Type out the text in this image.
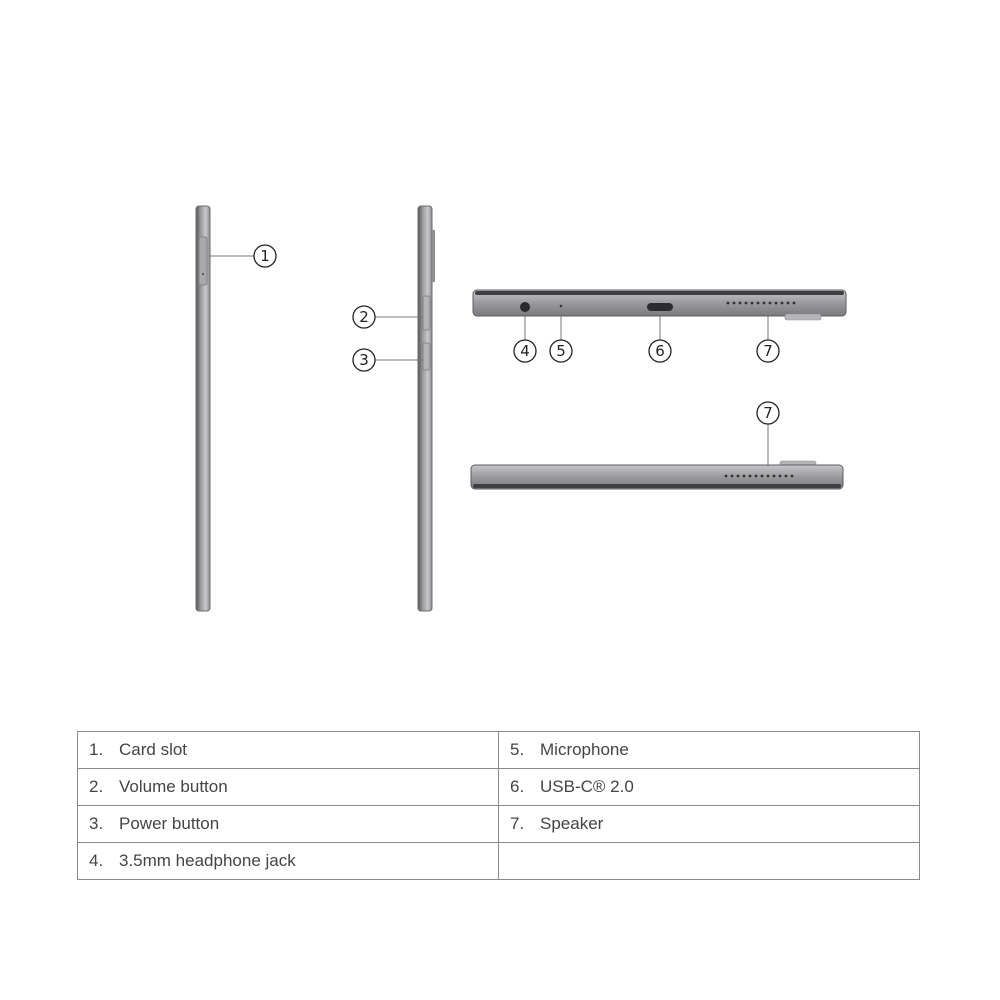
1
2
3	4 5	6	7
7
1. Card slot	5. Microphone
2. Volume button	6. USB-C® 2.0
3. Power button	7. Speaker
4. 3.5mm headphone jack	
